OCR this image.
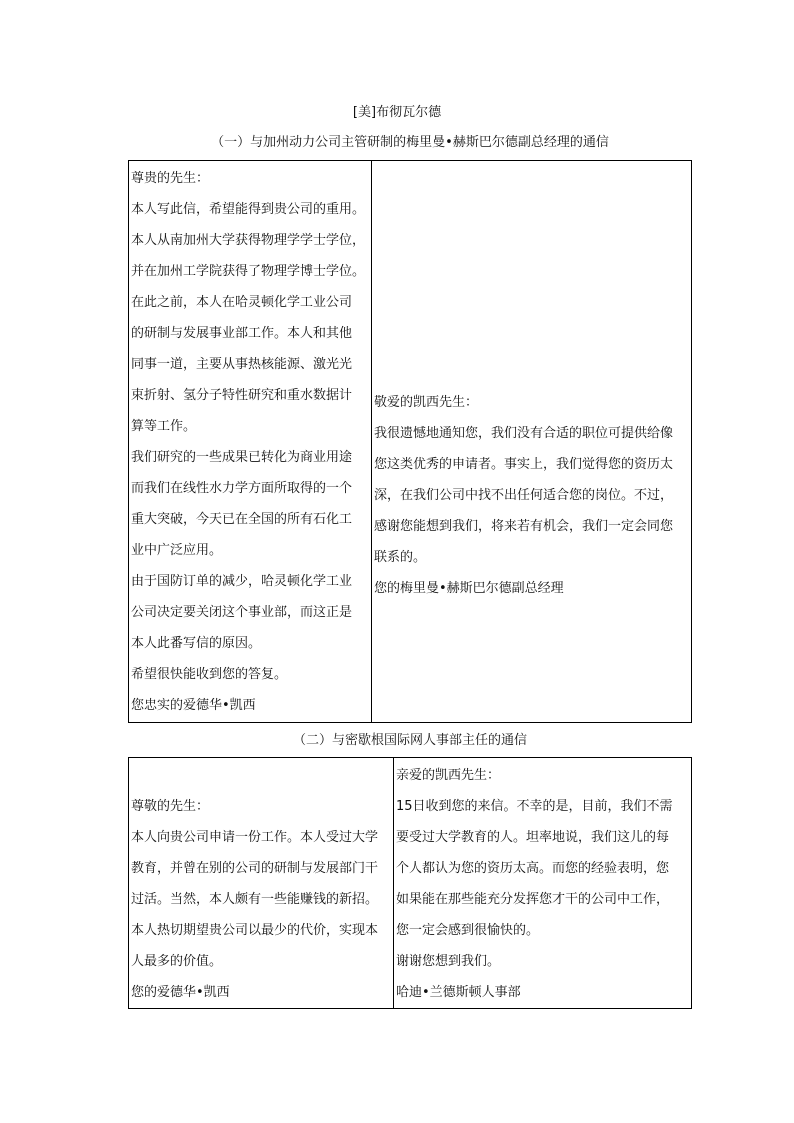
[美]布彻瓦尔德
（一）与加州动力公司主管研制的梅里曼•赫斯巴尔德副总经理的通信
尊贵的先生：
本人写此信，希望能得到贵公司的重用。
本人从南加州大学获得物理学学士学位，
并在加州工学院获得了物理学博士学位。
在此之前，本人在哈灵顿化学工业公司
的研制与发展事业部工作。本人和其他
同事一道，主要从事热核能源、激光光
束折射、氢分子特性研究和重水数据计
算等工作。
我们研究的一些成果已转化为商业用途
而我们在线性水力学方面所取得的一个
重大突破，今天已在全国的所有石化工
业中广泛应用。
由于国防订单的减少，哈灵顿化学工业
公司决定要关闭这个事业部，而这正是
本人此番写信的原因。
希望很快能收到您的答复。
您忠实的爱德华•凯西

敬爱的凯西先生：
我很遗憾地通知您，我们没有合适的职位可提供给像
您这类优秀的申请者。事实上，我们觉得您的资历太
深，在我们公司中找不出任何适合您的岗位。不过，
感谢您能想到我们，将来若有机会，我们一定会同您
联系的。
您的梅里曼•赫斯巴尔德副总经理
（二）与密歇根国际网人事部主任的通信
尊敬的先生：
本人向贵公司申请一份工作。本人受过大学
教育，并曾在别的公司的研制与发展部门干
过活。当然，本人颇有一些能赚钱的新招。
本人热切期望贵公司以最少的代价，实现本
人最多的价值。
您的爱德华•凯西

亲爱的凯西先生：
15日收到您的来信。不幸的是，目前，我们不需
要受过大学教育的人。坦率地说，我们这儿的每
个人都认为您的资历太高。而您的经验表明，您
如果能在那些能充分发挥您才干的公司中工作，
您一定会感到很愉快的。
谢谢您想到我们。
哈迪•兰德斯顿人事部
